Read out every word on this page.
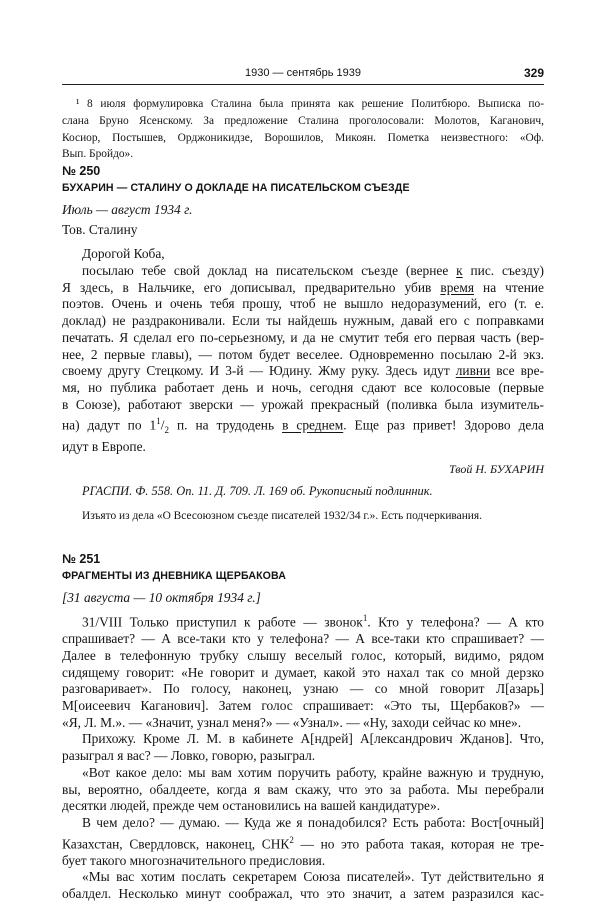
1930 — сентябрь 1939	329

¹ 8 июля формулировка Сталина была принята как решение Политбюро. Выписка по-
слана Бруно Ясенскому. За предложение Сталина проголосовали: Молотов, Каганович,
Косиор, Постышев, Орджоникидзе, Ворошилов, Микоян. Пометка неизвестного: «Оф.
Вып. Бройдо».

№ 250
БУХАРИН — СТАЛИНУ О ДОКЛАДЕ НА ПИСАТЕЛЬСКОМ СЪЕЗДЕ
Июль — август 1934 г.
Тов. Сталину
Дорогой Коба,
посылаю тебе свой доклад на писательском съезде (вернее к пис. съезду)
Я здесь, в Нальчике, его дописывал, предварительно убив время на чтение
поэтов. Очень и очень тебя прошу, чтоб не вышло недоразумений, его (т. е.
доклад) не раздраконивали. Если ты найдешь нужным, давай его с поправками
печатать. Я сделал его по-серьезному, и да не смутит тебя его первая часть (вер-
нее, 2 первые главы), — потом будет веселее. Одновременно посылаю 2-й экз.
своему другу Стецкому. И 3-й — Юдину. Жму руку. Здесь идут ливни все вре-
мя, но публика работает день и ночь, сегодня сдают все колосовые (первые
в Союзе), работают зверски — урожай прекрасный (поливка была изумитель-
на) дадут по $1^1/_2$ п. на трудодень в среднем. Еще раз привет! Здорово дела
идут в Европе.
Твой Н. БУХАРИН
РГАСПИ. Ф. 558. Оп. 11. Д. 709. Л. 169 об. Рукописный подлинник.
Изъято из дела «О Всесоюзном съезде писателей 1932/34 г.». Есть подчеркивания.
№ 251
ФРАГМЕНТЫ ИЗ ДНЕВНИКА ЩЕРБАКОВА
[31 августа — 10 октября 1934 г.]
31/VIII Только приступил к работе — звонок$^1$. Кто у телефона? — А кто
спрашивает? — А все-таки кто у телефона? — А все-таки кто спрашивает? —
Далее в телефонную трубку слышу веселый голос, который, видимо, рядом
сидящему говорит: «Не говорит и думает, какой это нахал так со мной дерзко
разговаривает». По голосу, наконец, узнаю — со мной говорит Л[азарь]
М[оисеевич Каганович]. Затем голос спрашивает: «Это ты, Щербаков?» —
«Я, Л. М.». — «Значит, узнал меня?» — «Узнал». — «Ну, заходи сейчас ко мне».
Прихожу. Кроме Л. М. в кабинете А[ндрей] А[лександрович Жданов]. Что,
разыграл я вас? — Ловко, говорю, разыграл.
«Вот какое дело: мы вам хотим поручить работу, крайне важную и трудную,
вы, вероятно, обалдеете, когда я вам скажу, что это за работа. Мы перебрали
десятки людей, прежде чем остановились на вашей кандидатуре».
В чем дело? — думаю. — Куда же я понадобился? Есть работа: Вост[очный]
Казахстан, Свердловск, наконец, СНК$^2$ — но это работа такая, которая не тре-
бует такого многозначительного предисловия.
«Мы вас хотим послать секретарем Союза писателей». Тут действительно я
обалдел. Несколько минут соображал, что это значит, а затем разразился кас-
